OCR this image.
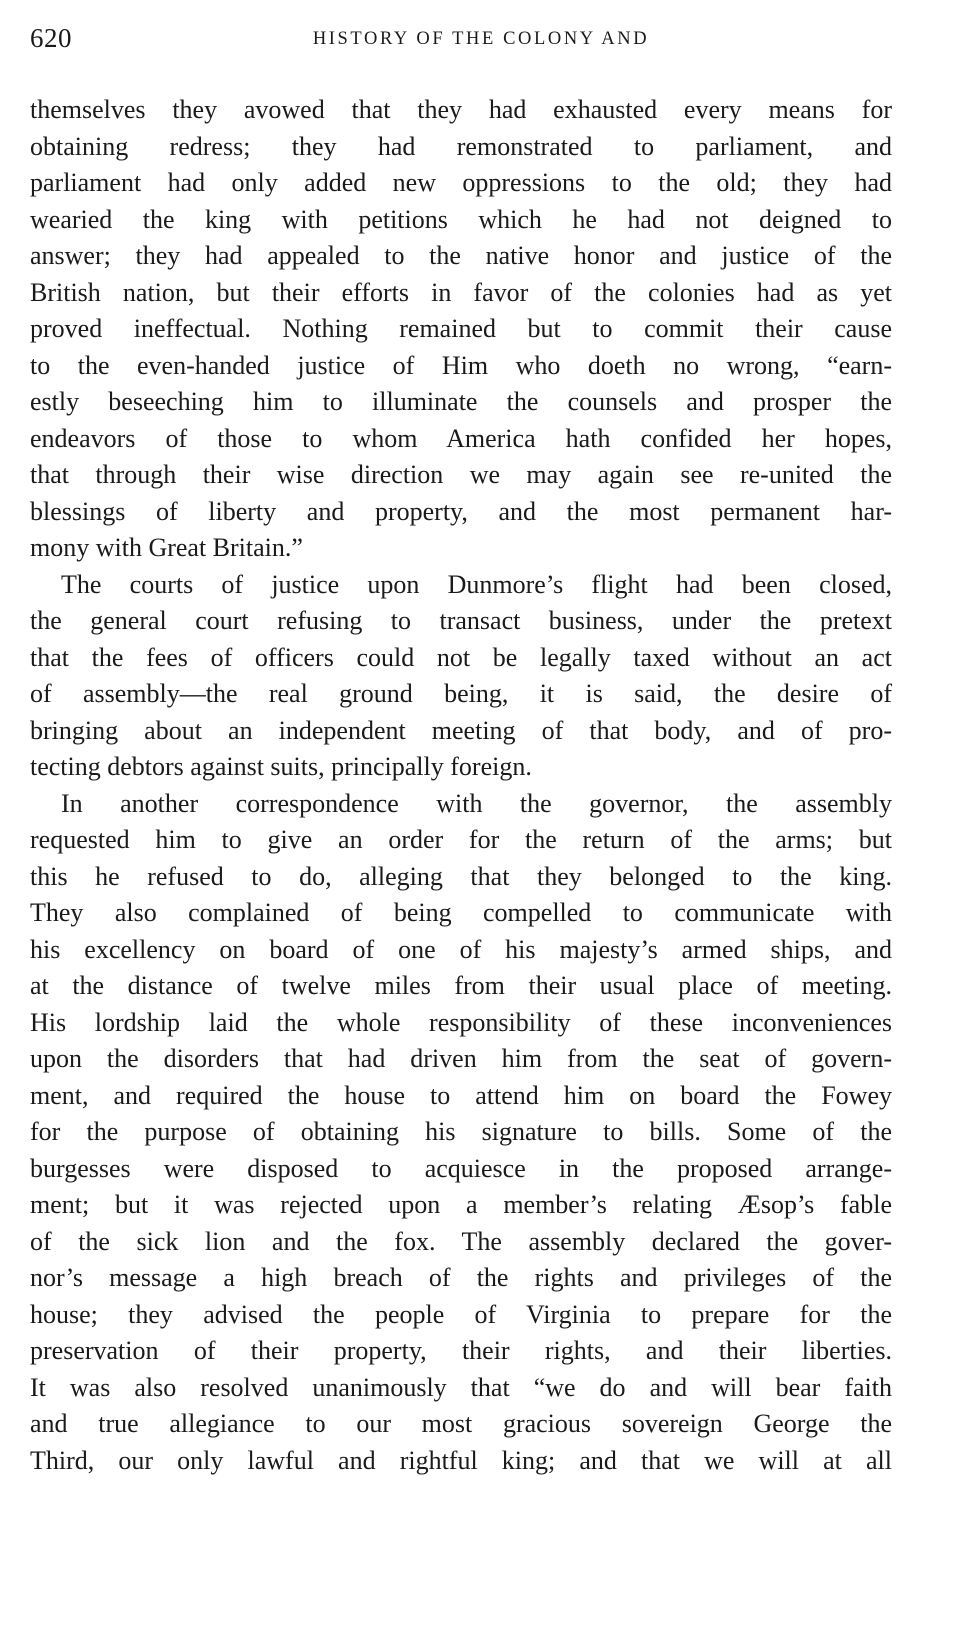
620	HISTORY OF THE COLONY AND
themselves they avowed that they had exhausted every means for
obtaining redress; they had remonstrated to parliament, and
parliament had only added new oppressions to the old; they had
wearied the king with petitions which he had not deigned to
answer; they had appealed to the native honor and justice of the
British nation, but their efforts in favor of the colonies had as yet
proved ineffectual. Nothing remained but to commit their cause
to the even-handed justice of Him who doeth no wrong, “earn-
estly beseeching him to illuminate the counsels and prosper the
endeavors of those to whom America hath confided her hopes,
that through their wise direction we may again see re-united the
blessings of liberty and property, and the most permanent har-
mony with Great Britain.”
The courts of justice upon Dunmore’s flight had been closed,
the general court refusing to transact business, under the pretext
that the fees of officers could not be legally taxed without an act
of assembly—the real ground being, it is said, the desire of
bringing about an independent meeting of that body, and of pro-
tecting debtors against suits, principally foreign.
In another correspondence with the governor, the assembly
requested him to give an order for the return of the arms; but
this he refused to do, alleging that they belonged to the king.
They also complained of being compelled to communicate with
his excellency on board of one of his majesty’s armed ships, and
at the distance of twelve miles from their usual place of meeting.
His lordship laid the whole responsibility of these inconveniences
upon the disorders that had driven him from the seat of govern-
ment, and required the house to attend him on board the Fowey
for the purpose of obtaining his signature to bills. Some of the
burgesses were disposed to acquiesce in the proposed arrange-
ment; but it was rejected upon a member’s relating Æsop’s fable
of the sick lion and the fox. The assembly declared the gover-
nor’s message a high breach of the rights and privileges of the
house; they advised the people of Virginia to prepare for the
preservation of their property, their rights, and their liberties.
It was also resolved unanimously that “we do and will bear faith
and true allegiance to our most gracious sovereign George the
Third, our only lawful and rightful king; and that we will at all
